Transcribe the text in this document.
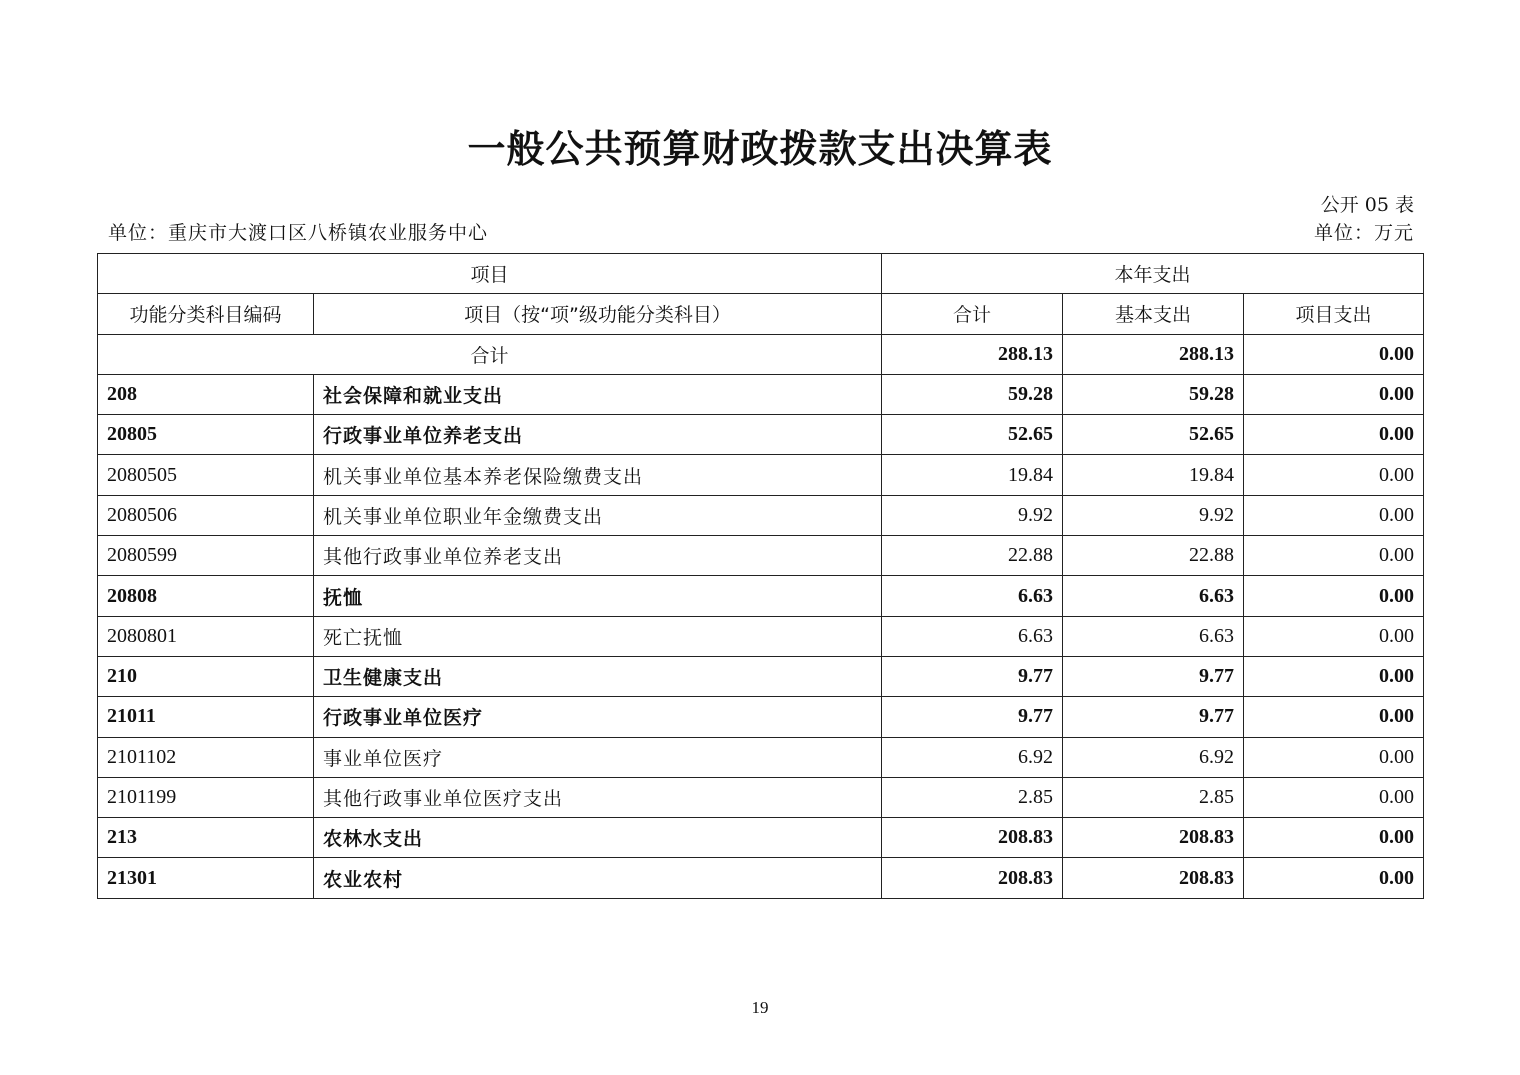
一般公共预算财政拨款支出决算表
公开 05 表
单位：重庆市大渡口区八桥镇农业服务中心	单位：万元
项目		本年支出		
功能分类科目编码	项目（按“项”级功能分类科目）	合计	基本支出	项目支出
合计		288.13	288.13	0.00
208	社会保障和就业支出	59.28	59.28	0.00
20805	行政事业单位养老支出	52.65	52.65	0.00
2080505	机关事业单位基本养老保险缴费支出	19.84	19.84	0.00
2080506	机关事业单位职业年金缴费支出	9.92	9.92	0.00
2080599	其他行政事业单位养老支出	22.88	22.88	0.00
20808	抚恤	6.63	6.63	0.00
2080801	死亡抚恤	6.63	6.63	0.00
210	卫生健康支出	9.77	9.77	0.00
21011	行政事业单位医疗	9.77	9.77	0.00
2101102	事业单位医疗	6.92	6.92	0.00
2101199	其他行政事业单位医疗支出	2.85	2.85	0.00
213	农林水支出	208.83	208.83	0.00
21301	农业农村	208.83	208.83	0.00
19
